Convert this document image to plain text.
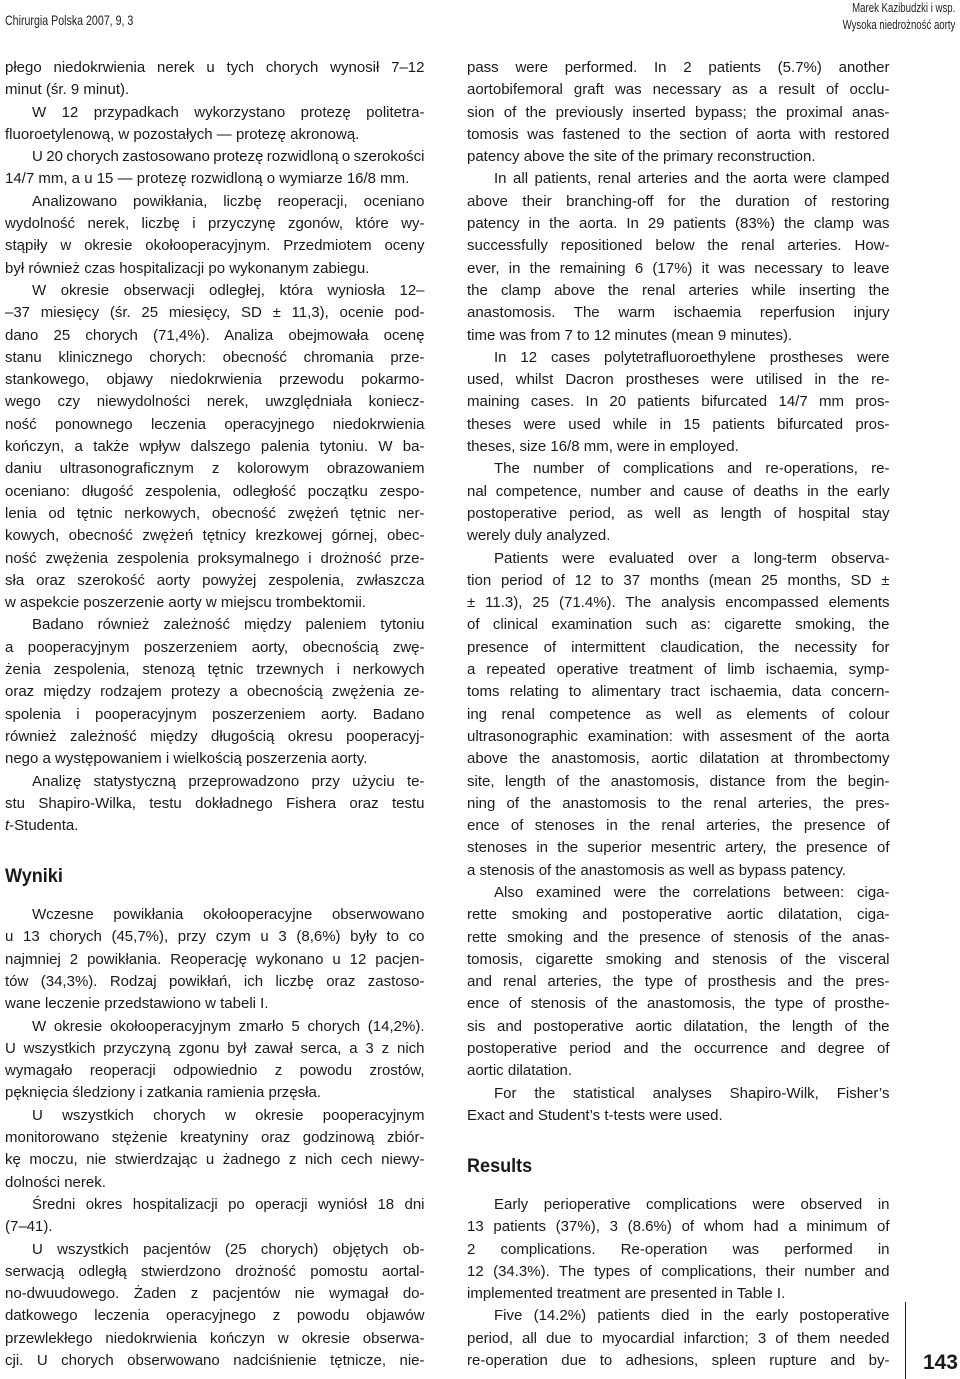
Chirurgia Polska 2007, 9, 3
Marek Kazibudzki i wsp.
Wysoka niedrożność aorty
płego niedokrwienia nerek u tych chorych wynosił 7–12
minut (śr. 9 minut).
W 12 przypadkach wykorzystano protezę politetra-
fluoroetylenową, w pozostałych — protezę akronową.
U 20 chorych zastosowano protezę rozwidloną o szerokości
14/7 mm, a u 15 — protezę rozwidloną o wymiarze 16/8 mm.
Analizowano powikłania, liczbę reoperacji, oceniano
wydolność nerek, liczbę i przyczynę zgonów, które wy-
stąpiły w okresie okołooperacyjnym. Przedmiotem oceny
był również czas hospitalizacji po wykonanym zabiegu.
W okresie obserwacji odległej, która wyniosła 12–
–37 miesięcy (śr. 25 miesięcy, SD ± 11,3), ocenie pod-
dano 25 chorych (71,4%). Analiza obejmowała ocenę
stanu klinicznego chorych: obecność chromania prze-
stankowego, objawy niedokrwienia przewodu pokarmo-
wego czy niewydolności nerek, uwzględniała koniecz-
ność ponownego leczenia operacyjnego niedokrwienia
kończyn, a także wpływ dalszego palenia tytoniu. W ba-
daniu ultrasonograficznym z kolorowym obrazowaniem
oceniano: długość zespolenia, odległość początku zespo-
lenia od tętnic nerkowych, obecność zwężeń tętnic ner-
kowych, obecność zwężeń tętnicy krezkowej górnej, obec-
ność zwężenia zespolenia proksymalnego i drożność prze-
sła oraz szerokość aorty powyżej zespolenia, zwłaszcza
w aspekcie poszerzenie aorty w miejscu trombektomii.
Badano również zależność między paleniem tytoniu
a pooperacyjnym poszerzeniem aorty, obecnością zwę-
żenia zespolenia, stenozą tętnic trzewnych i nerkowych
oraz między rodzajem protezy a obecnością zwężenia ze-
spolenia i pooperacyjnym poszerzeniem aorty. Badano
również zależność między długością okresu pooperacyj-
nego a występowaniem i wielkością poszerzenia aorty.
Analizę statystyczną przeprowadzono przy użyciu te-
stu Shapiro-Wilka, testu dokładnego Fishera oraz testu
t-Studenta.
Wyniki
Wczesne powikłania okołooperacyjne obserwowano
u 13 chorych (45,7%), przy czym u 3 (8,6%) były to co
najmniej 2 powikłania. Reoperację wykonano u 12 pacjen-
tów (34,3%). Rodzaj powikłań, ich liczbę oraz zastoso-
wane leczenie przedstawiono w tabeli I.
W okresie okołooperacyjnym zmarło 5 chorych (14,2%).
U wszystkich przyczyną zgonu był zawał serca, a 3 z nich
wymagało reoperacji odpowiednio z powodu zrostów,
pęknięcia śledziony i zatkania ramienia przęsła.
U wszystkich chorych w okresie pooperacyjnym
monitorowano stężenie kreatyniny oraz godzinową zbiór-
kę moczu, nie stwierdzając u żadnego z nich cech niewy-
dolności nerek.
Średni okres hospitalizacji po operacji wyniósł 18 dni
(7–41).
U wszystkich pacjentów (25 chorych) objętych ob-
serwacją odległą stwierdzono drożność pomostu aortal-
no-dwuudowego. Żaden z pacjentów nie wymagał do-
datkowego leczenia operacyjnego z powodu objawów
przewlekłego niedokrwienia kończyn w okresie obserwa-
cji. U chorych obserwowano nadciśnienie tętnicze, nie-
pass were performed. In 2 patients (5.7%) another
aortobifemoral graft was necessary as a result of occlu-
sion of the previously inserted bypass; the proximal anas-
tomosis was fastened to the section of aorta with restored
patency above the site of the primary reconstruction.
In all patients, renal arteries and the aorta were clamped
above their branching-off for the duration of restoring
patency in the aorta. In 29 patients (83%) the clamp was
successfully repositioned below the renal arteries. How-
ever, in the remaining 6 (17%) it was necessary to leave
the clamp above the renal arteries while inserting the
anastomosis. The warm ischaemia reperfusion injury
time was from 7 to 12 minutes (mean 9 minutes).
In 12 cases polytetrafluoroethylene prostheses were
used, whilst Dacron prostheses were utilised in the re-
maining cases. In 20 patients bifurcated 14/7 mm pros-
theses were used while in 15 patients bifurcated pros-
theses, size 16/8 mm, were in employed.
The number of complications and re-operations, re-
nal competence, number and cause of deaths in the early
postoperative period, as well as length of hospital stay
werely duly analyzed.
Patients were evaluated over a long-term observa-
tion period of 12 to 37 months (mean 25 months, SD ±
± 11.3), 25 (71.4%). The analysis encompassed elements
of clinical examination such as: cigarette smoking, the
presence of intermittent claudication, the necessity for
a repeated operative treatment of limb ischaemia, symp-
toms relating to alimentary tract ischaemia, data concern-
ing renal competence as well as elements of colour
ultrasonographic examination: with assesment of the aorta
above the anastomosis, aortic dilatation at thrombectomy
site, length of the anastomosis, distance from the begin-
ning of the anastomosis to the renal arteries, the pres-
ence of stenoses in the renal arteries, the presence of
stenoses in the superior mesentric artery, the presence of
a stenosis of the anastomosis as well as bypass patency.
Also examined were the correlations between: ciga-
rette smoking and postoperative aortic dilatation, ciga-
rette smoking and the presence of stenosis of the anas-
tomosis, cigarette smoking and stenosis of the visceral
and renal arteries, the type of prosthesis and the pres-
ence of stenosis of the anastomosis, the type of prosthe-
sis and postoperative aortic dilatation, the length of the
postoperative period and the occurrence and degree of
aortic dilatation.
For the statistical analyses Shapiro-Wilk, Fisher’s
Exact and Student’s t-tests were used.
Results
Early perioperative complications were observed in
13 patients (37%), 3 (8.6%) of whom had a minimum of
2 complications. Re-operation was performed in
12 (34.3%). The types of complications, their number and
implemented treatment are presented in Table I.
Five (14.2%) patients died in the early postoperative
period, all due to myocardial infarction; 3 of them needed
re-operation due to adhesions, spleen rupture and by- 143
